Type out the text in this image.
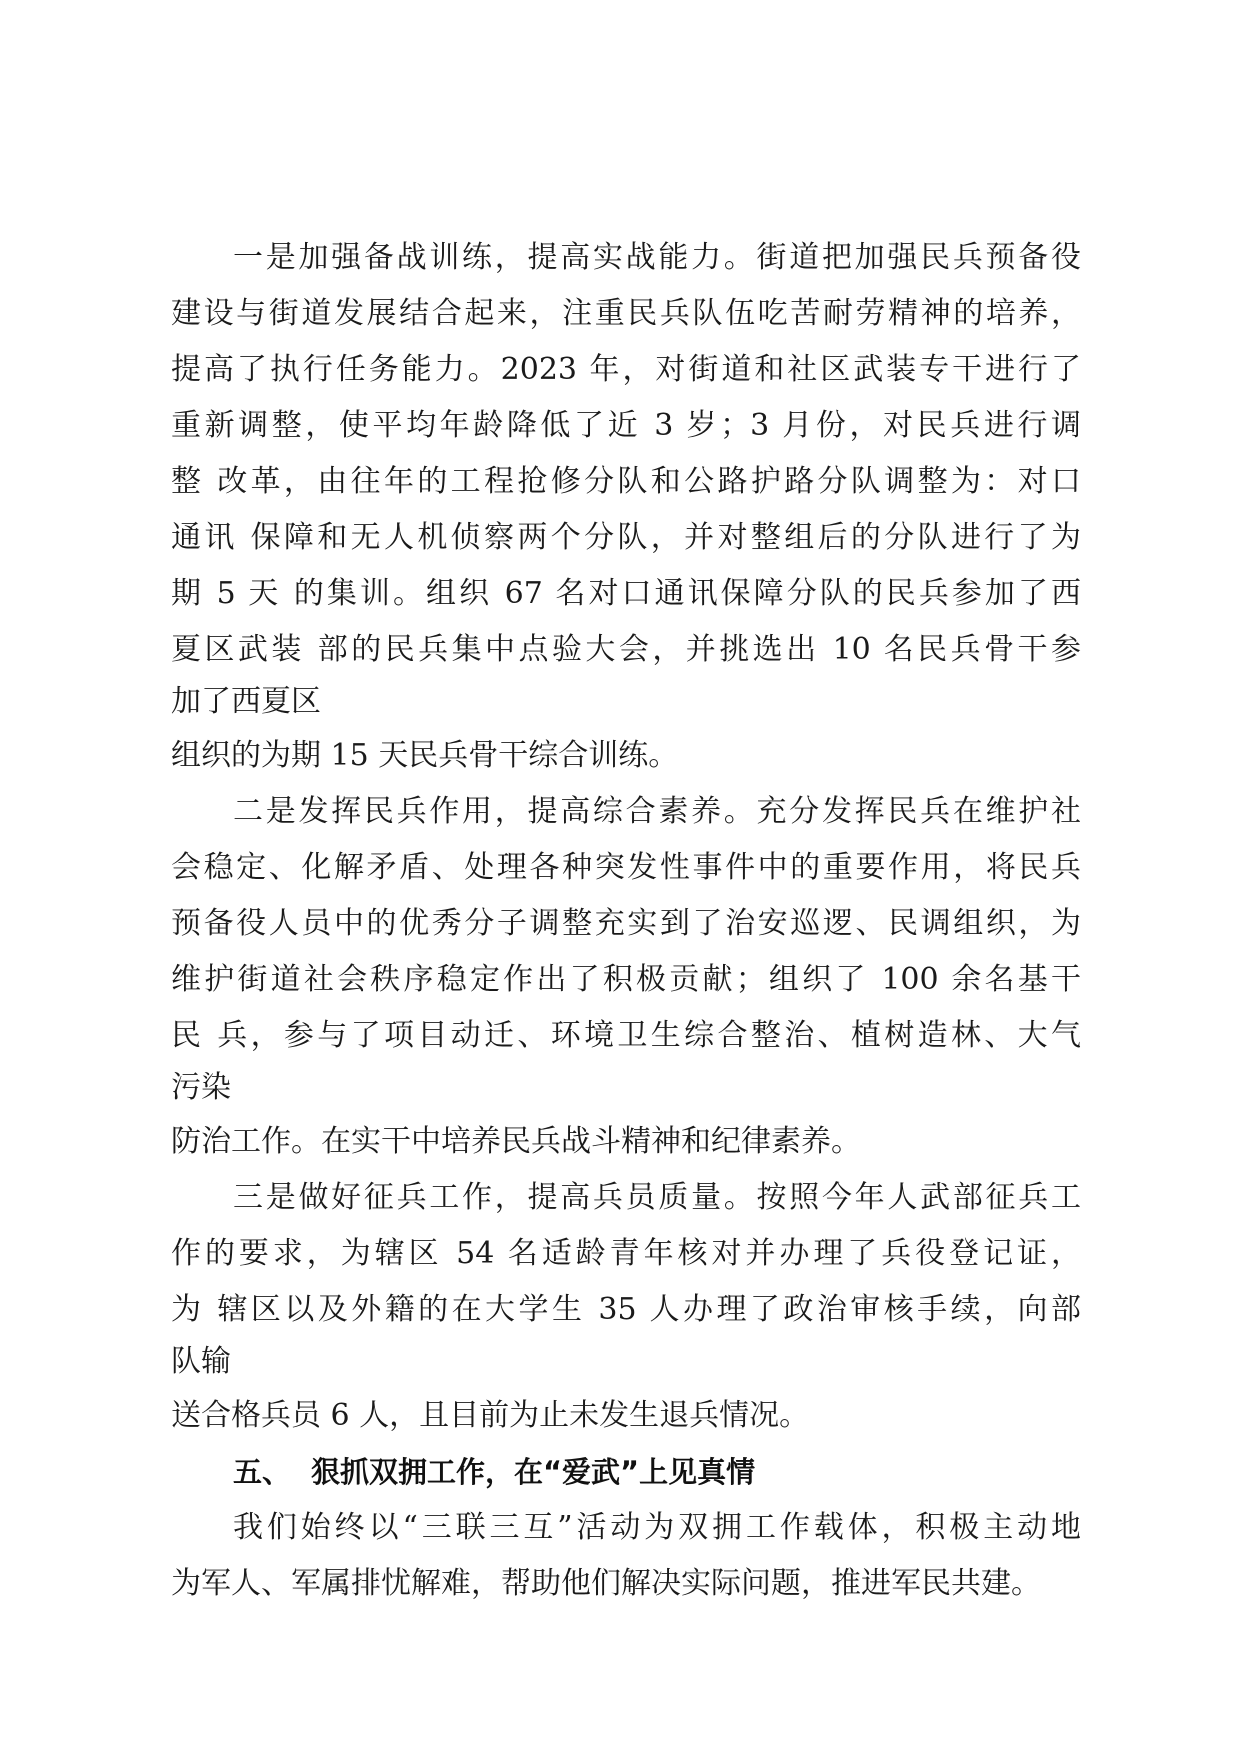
一是加强备战训练，提高实战能力。街道把加强民兵预备役
建设与街道发展结合起来，注重民兵队伍吃苦耐劳精神的培养，
提高了执行任务能力。2023 年，对街道和社区武装专干进行了
重新调整，使平均年龄降低了近 3 岁；3 月份，对民兵进行调
整 改革，由往年的工程抢修分队和公路护路分队调整为：对口
通讯 保障和无人机侦察两个分队，并对整组后的分队进行了为
期 5 天 的集训。组织 67 名对口通讯保障分队的民兵参加了西
夏区武装 部的民兵集中点验大会，并挑选出 10 名民兵骨干参
加了西夏区
组织的为期 15 天民兵骨干综合训练。
二是发挥民兵作用，提高综合素养。充分发挥民兵在维护社
会稳定、化解矛盾、处理各种突发性事件中的重要作用，将民兵
预备役人员中的优秀分子调整充实到了治安巡逻、民调组织，为
维护街道社会秩序稳定作出了积极贡献；组织了 100 余名基干
民 兵，参与了项目动迁、环境卫生综合整治、植树造林、大气
污染
防治工作。在实干中培养民兵战斗精神和纪律素养。
三是做好征兵工作，提高兵员质量。按照今年人武部征兵工
作的要求，为辖区 54 名适龄青年核对并办理了兵役登记证，
为 辖区以及外籍的在大学生 35 人办理了政治审核手续，向部
队输
送合格兵员 6 人，且目前为止未发生退兵情况。
五、 狠抓双拥工作，在“爱武”上见真情
我们始终以“三联三互”活动为双拥工作载体，积极主动地
为军人、军属排忧解难，帮助他们解决实际问题，推进军民共建。
